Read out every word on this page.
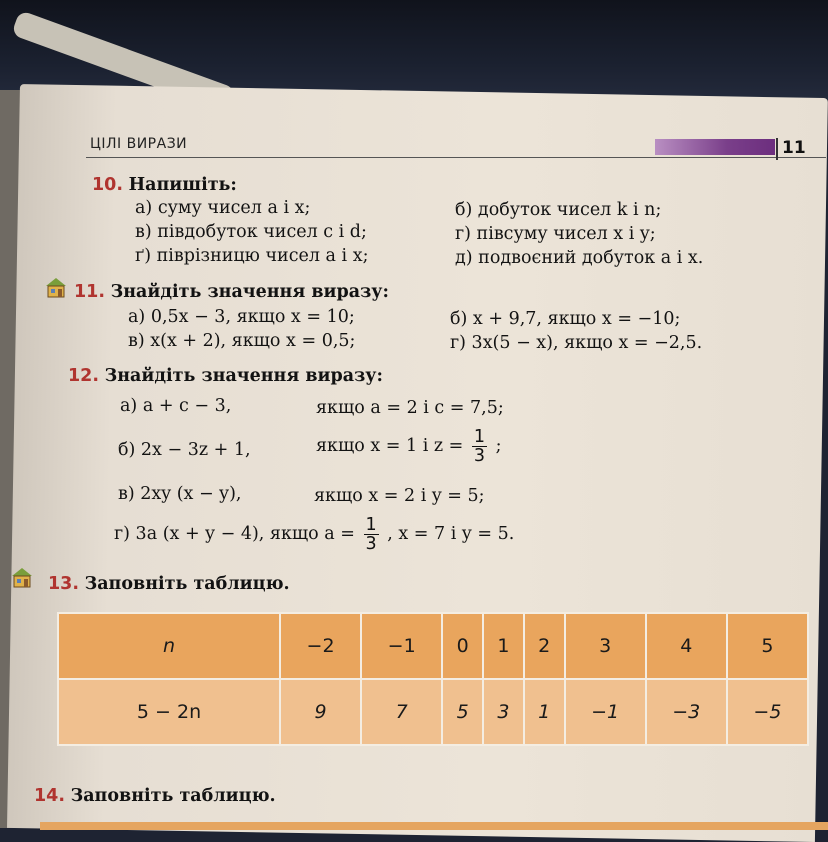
ЦІЛІ ВИРАЗИ	11
10. Напишіть:
а) суму чисел a і x;	б) добуток чисел k і n;
в) півдобуток чисел c і d;	г) півсуму чисел x і y;
ґ) піврізницю чисел a і x;	д) подвоєний добуток a і x.
11. Знайдіть значення виразу:
а) 0,5x − 3, якщо x = 10;	б) x + 9,7, якщо x = −10;
в) x(x + 2), якщо x = 0,5;	г) 3x(5 − x), якщо x = −2,5.
12. Знайдіть значення виразу:
а) a + c − 3,	якщо a = 2 і c = 7,5;
б) 2x − 3z + 1,	якщо x = 1 і $z = \frac{1}{3}$ ;
в) 2xy (x − y),	якщо x = 2 і y = 5;
г) 3a (x + y − 4), якщо $a = \frac{1}{3}$ , x = 7 і y = 5.
13. Заповніть таблицю.
n	−2	−1	0	1	2	3	4	5
5 − 2n	9	7	5	3	1	−1	−3	−5
14. Заповніть таблицю.
